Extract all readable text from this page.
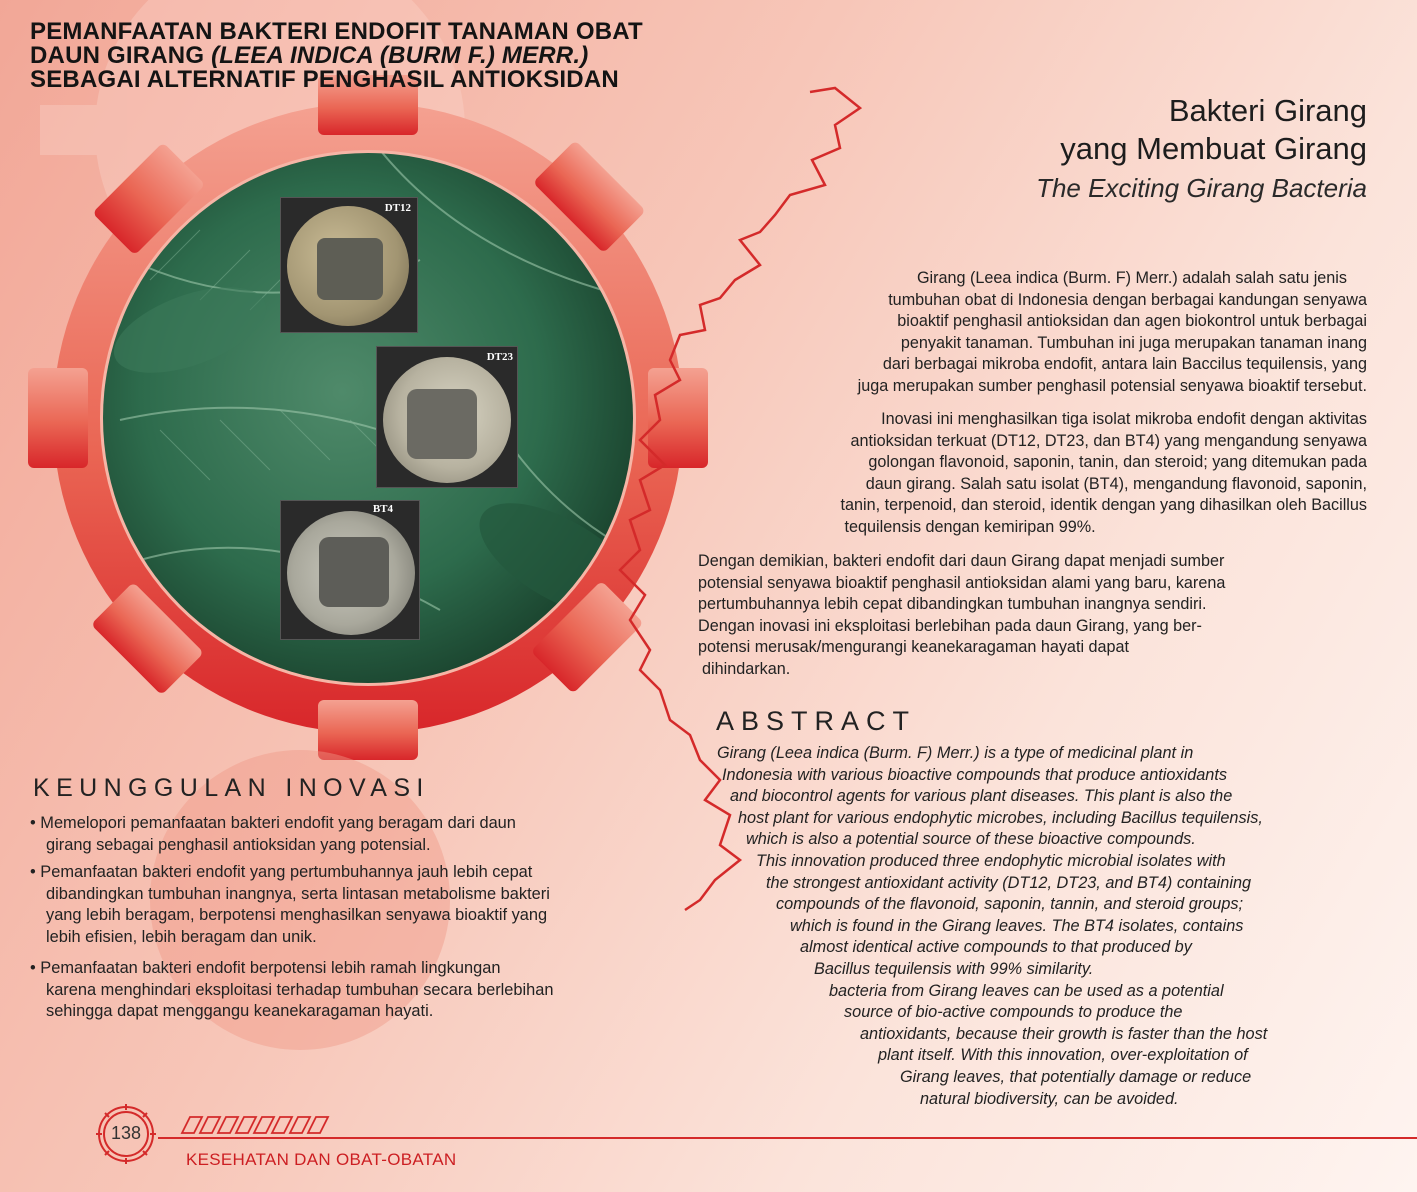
DT12
DT23
BT4
PEMANFAATAN BAKTERI ENDOFIT TANAMAN OBAT
DAUN GIRANG (LEEA INDICA (BURM F.) MERR.)
SEBAGAI ALTERNATIF PENGHASIL ANTIOKSIDAN
Bakteri Girang
yang Membuat Girang
The Exciting Girang Bacteria
Girang (Leea indica (Burm. F) Merr.) adalah salah satu jenis
tumbuhan obat di Indonesia dengan berbagai kandungan senyawa
bioaktif penghasil antioksidan dan agen biokontrol untuk berbagai
penyakit tanaman. Tumbuhan ini juga merupakan tanaman inang
dari berbagai mikroba endofit, antara lain Baccilus tequilensis, yang
juga merupakan sumber penghasil potensial senyawa bioaktif tersebut.
Inovasi ini menghasilkan tiga isolat mikroba endofit dengan aktivitas
antioksidan terkuat (DT12, DT23, dan BT4) yang mengandung senyawa
golongan flavonoid, saponin, tanin, dan steroid; yang ditemukan pada
daun girang. Salah satu isolat (BT4), mengandung flavonoid, saponin,
tanin, terpenoid, dan steroid, identik dengan yang dihasilkan oleh Bacillus
tequilensis dengan kemiripan 99%.
Dengan demikian, bakteri endofit dari daun Girang dapat menjadi sumber
potensial senyawa bioaktif penghasil antioksidan alami yang baru, karena
pertumbuhannya lebih cepat dibandingkan tumbuhan inangnya sendiri.
Dengan inovasi ini eksploitasi berlebihan pada daun Girang, yang ber-
potensi merusak/mengurangi keanekaragaman hayati dapat
dihindarkan.
ABSTRACT
Girang (Leea indica (Burm. F) Merr.) is a type of medicinal plant in
Indonesia with various bioactive compounds that produce antioxidants
and biocontrol agents for various plant diseases. This plant is also the
host plant for various endophytic microbes, including Bacillus tequilensis,
which is also a potential source of these bioactive compounds.
This innovation produced three endophytic microbial isolates with
the strongest antioxidant activity (DT12, DT23, and BT4) containing
compounds of the flavonoid, saponin, tannin, and steroid groups;
which is found in the Girang leaves. The BT4 isolates, contains
almost identical active compounds to that produced by
Bacillus tequilensis with 99% similarity.
bacteria from Girang leaves can be used as a potential
source of bio-active compounds to produce the
antioxidants, because their growth is faster than the host
plant itself. With this innovation, over-exploitation of
Girang leaves, that potentially damage or reduce
natural biodiversity, can be avoided.
KEUNGGULAN INOVASI
• Memelopori pemanfaatan bakteri endofit yang beragam dari daun
girang sebagai penghasil antioksidan yang potensial.
• Pemanfaatan bakteri endofit yang pertumbuhannya jauh lebih cepat
dibandingkan tumbuhan inangnya, serta lintasan metabolisme bakteri
yang lebih beragam, berpotensi menghasilkan senyawa bioaktif yang
lebih efisien, lebih beragam dan unik.
• Pemanfaatan bakteri endofit berpotensi lebih ramah lingkungan
karena menghindari eksploitasi terhadap tumbuhan secara berlebihan
sehingga dapat menggangu keanekaragaman hayati.
138
KESEHATAN DAN OBAT-OBATAN
